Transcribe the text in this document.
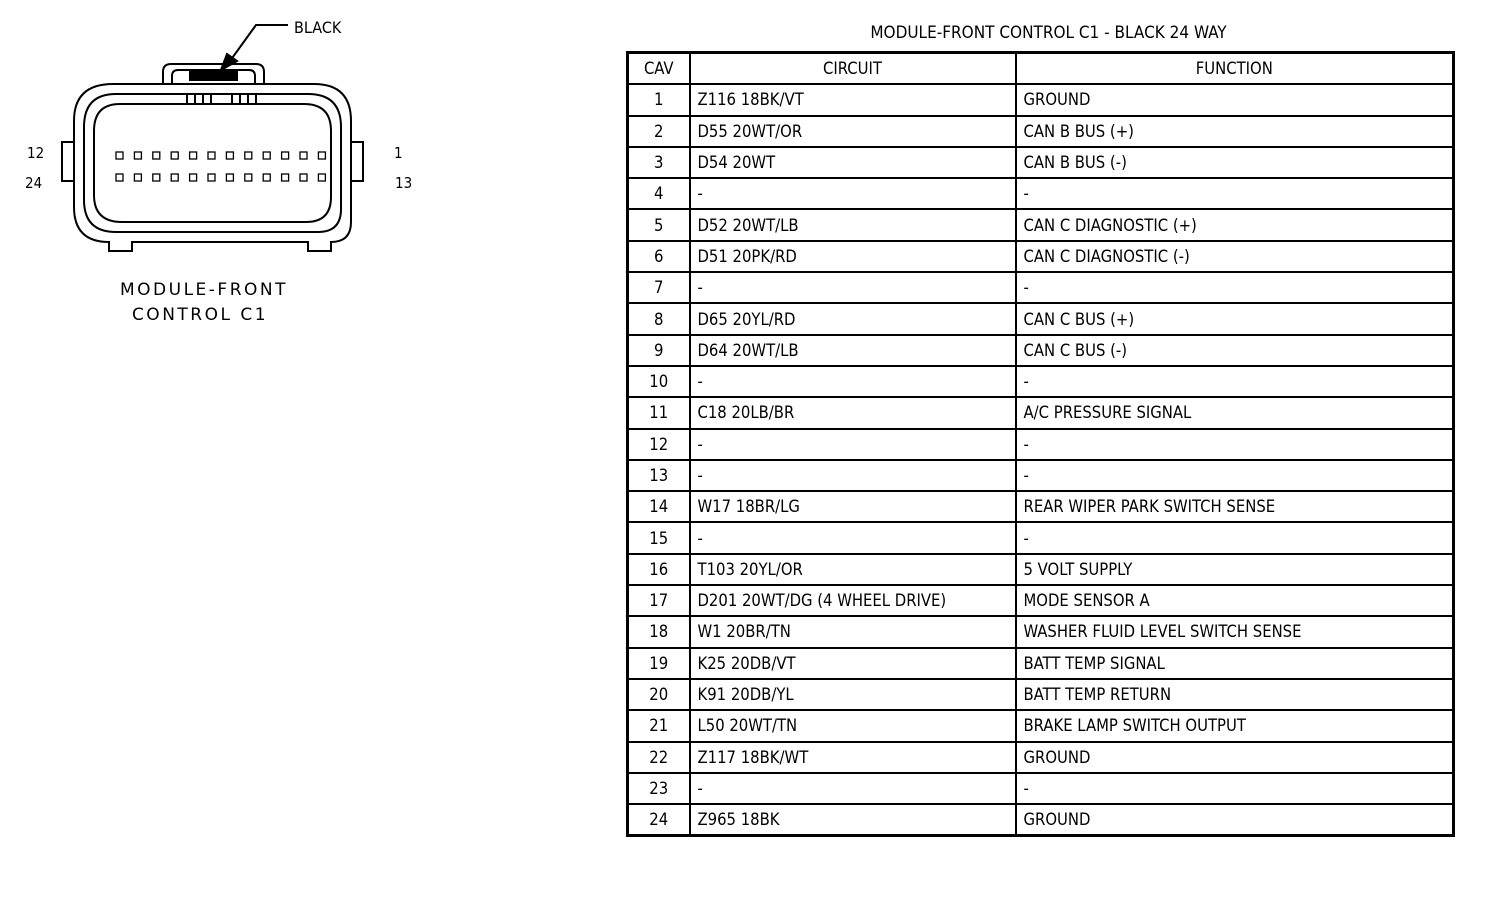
BLACK
12
24
1
13
MODULE-FRONT
CONTROL C1
MODULE-FRONT CONTROL C1 - BLACK 24 WAY
CAV	CIRCUIT	FUNCTION
1	Z116 18BK/VT	GROUND
2	D55 20WT/OR	CAN B BUS (+)
3	D54 20WT	CAN B BUS (-)
4	-	-
5	D52 20WT/LB	CAN C DIAGNOSTIC (+)
6	D51 20PK/RD	CAN C DIAGNOSTIC (-)
7	-	-
8	D65 20YL/RD	CAN C BUS (+)
9	D64 20WT/LB	CAN C BUS (-)
10	-	-
11	C18 20LB/BR	A/C PRESSURE SIGNAL
12	-	-
13	-	-
14	W17 18BR/LG	REAR WIPER PARK SWITCH SENSE
15	-	-
16	T103 20YL/OR	5 VOLT SUPPLY
17	D201 20WT/DG (4 WHEEL DRIVE)	MODE SENSOR A
18	W1 20BR/TN	WASHER FLUID LEVEL SWITCH SENSE
19	K25 20DB/VT	BATT TEMP SIGNAL
20	K91 20DB/YL	BATT TEMP RETURN
21	L50 20WT/TN	BRAKE LAMP SWITCH OUTPUT
22	Z117 18BK/WT	GROUND
23	-	-
24	Z965 18BK	GROUND
